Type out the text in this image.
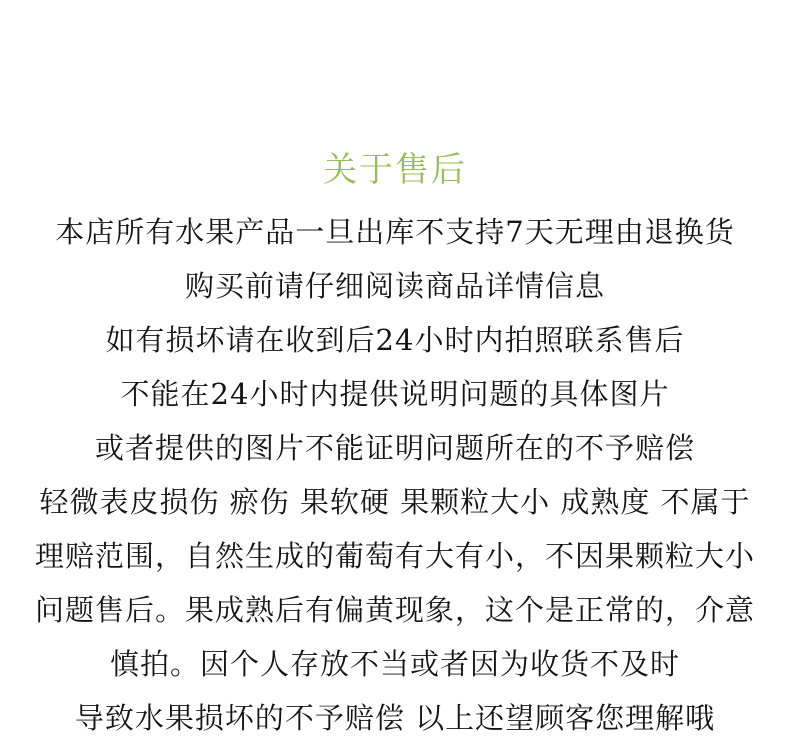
关于售后
本店所有水果产品一旦出库不支持7天无理由退换货
购买前请仔细阅读商品详情信息
如有损坏请在收到后24小时内拍照联系售后
不能在24小时内提供说明问题的具体图片
或者提供的图片不能证明问题所在的不予赔偿
轻微表皮损伤 瘀伤 果软硬 果颗粒大小 成熟度 不属于
理赔范围，自然生成的葡萄有大有小，不因果颗粒大小
问题售后。果成熟后有偏黄现象，这个是正常的，介意
慎拍。因个人存放不当或者因为收货不及时
导致水果损坏的不予赔偿 以上还望顾客您理解哦
